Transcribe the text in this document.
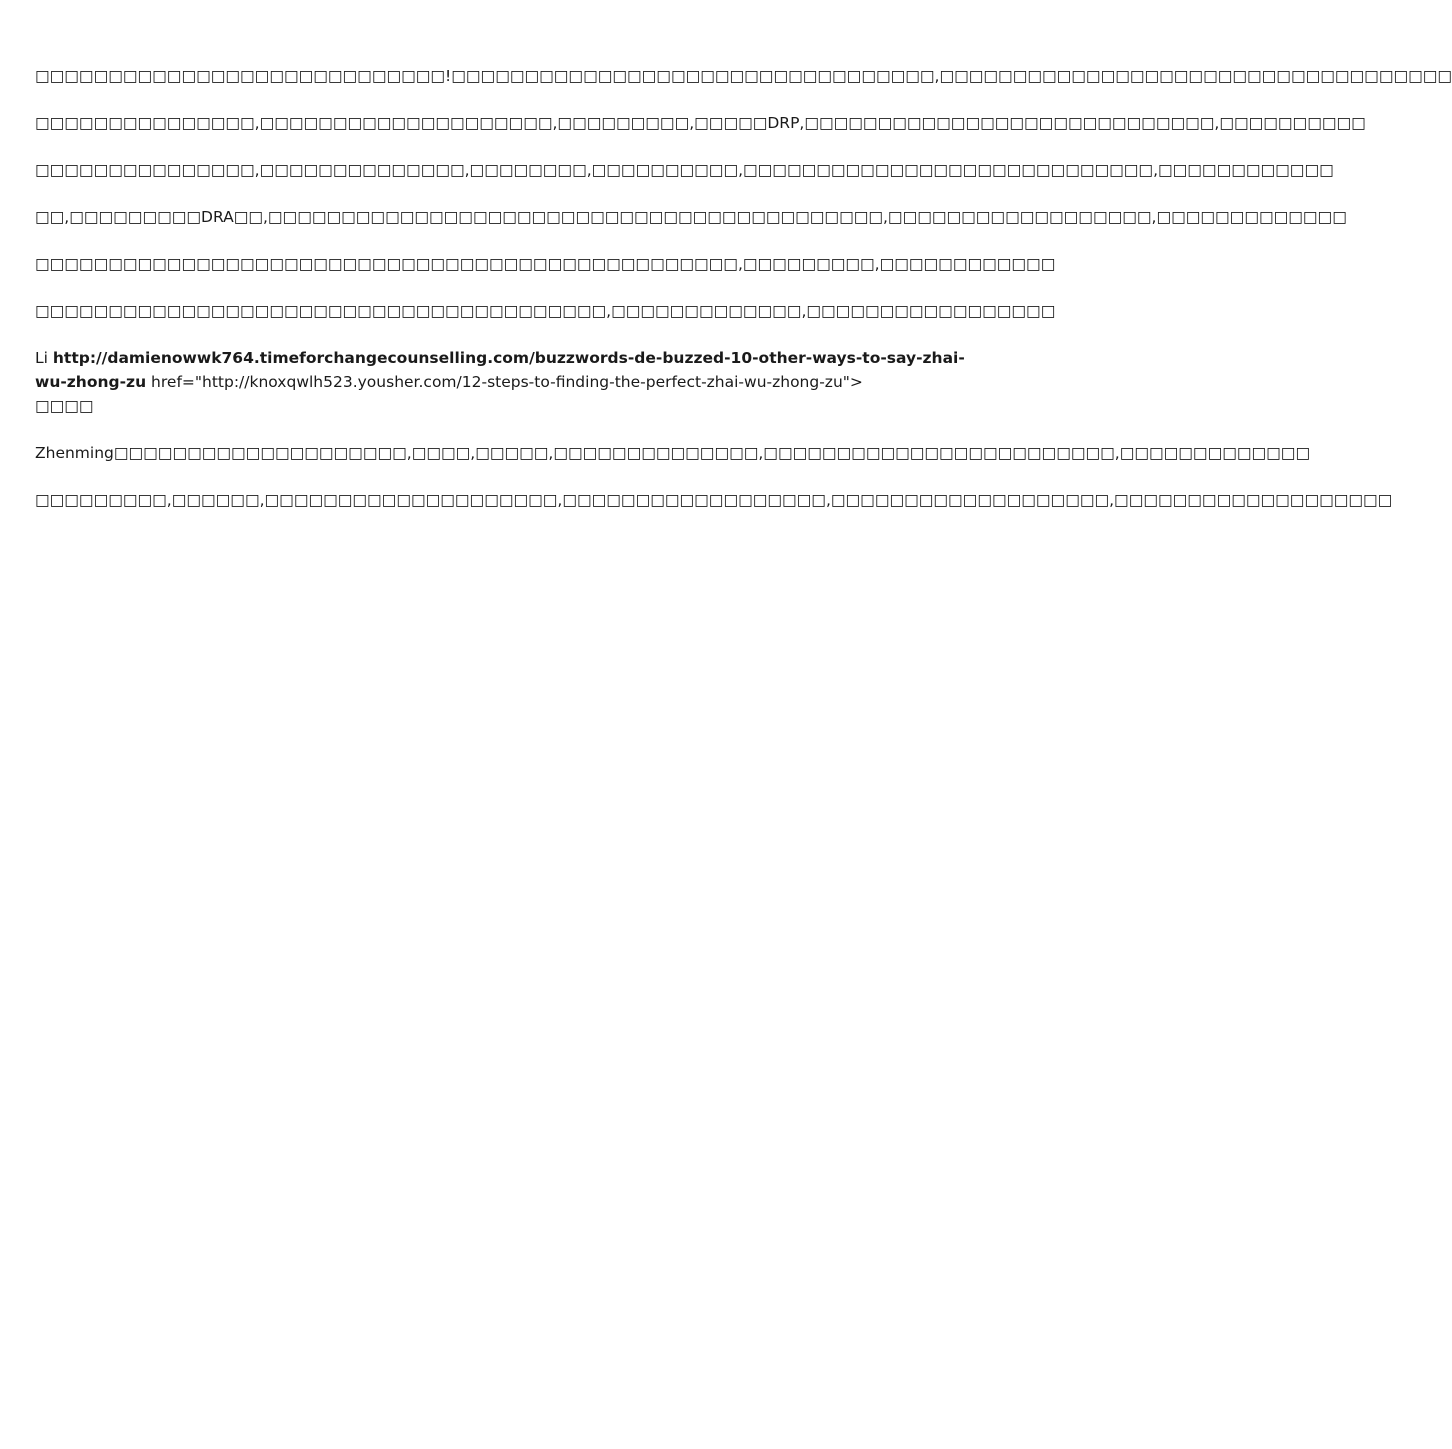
□□□□□□□□□□□□□□□□□□□□□□□□□□□□!□□□□□□□□□□□□□□□□□□□□□□□□□□□□□□□□□,□□□□□□□□□□□□□□□□□□□□□□□□□□□□□□□□□□□

□□□□□□□□□□□□□□□,□□□□□□□□□□□□□□□□□□□□,□□□□□□□□□,□□□□□DRP,□□□□□□□□□□□□□□□□□□□□□□□□□□□□,□□□□□□□□□□

□□□□□□□□□□□□□□□,□□□□□□□□□□□□□□,□□□□□□□□,□□□□□□□□□□,□□□□□□□□□□□□□□□□□□□□□□□□□□□□,□□□□□□□□□□□□

□□,□□□□□□□□□DRA□□,□□□□□□□□□□□□□□□□□□□□□□□□□□□□□□□□□□□□□□□□□□,□□□□□□□□□□□□□□□□□□,□□□□□□□□□□□□□

□□□□□□□□□□□□□□□□□□□□□□□□□□□□□□□□□□□□□□□□□□□□□□□□,□□□□□□□□□,□□□□□□□□□□□□

□□□□□□□□□□□□□□□□□□□□□□□□□□□□□□□□□□□□□□□,□□□□□□□□□□□□□,□□□□□□□□□□□□□□□□□

Li http://damienowwk764.timeforchangecounselling.com/buzzwords-de-buzzed-10-other-ways-to-say-zhai-wu-zhong-zu href="http://knoxqwlh523.yousher.com/12-steps-to-finding-the-perfect-zhai-wu-zhong-zu">
□□□□

Zhenming□□□□□□□□□□□□□□□□□□□□,□□□□,□□□□□,□□□□□□□□□□□□□□,□□□□□□□□□□□□□□□□□□□□□□□□,□□□□□□□□□□□□□

□□□□□□□□□,□□□□□□,□□□□□□□□□□□□□□□□□□□□,□□□□□□□□□□□□□□□□□□,□□□□□□□□□□□□□□□□□□□,□□□□□□□□□□□□□□□□□□□
